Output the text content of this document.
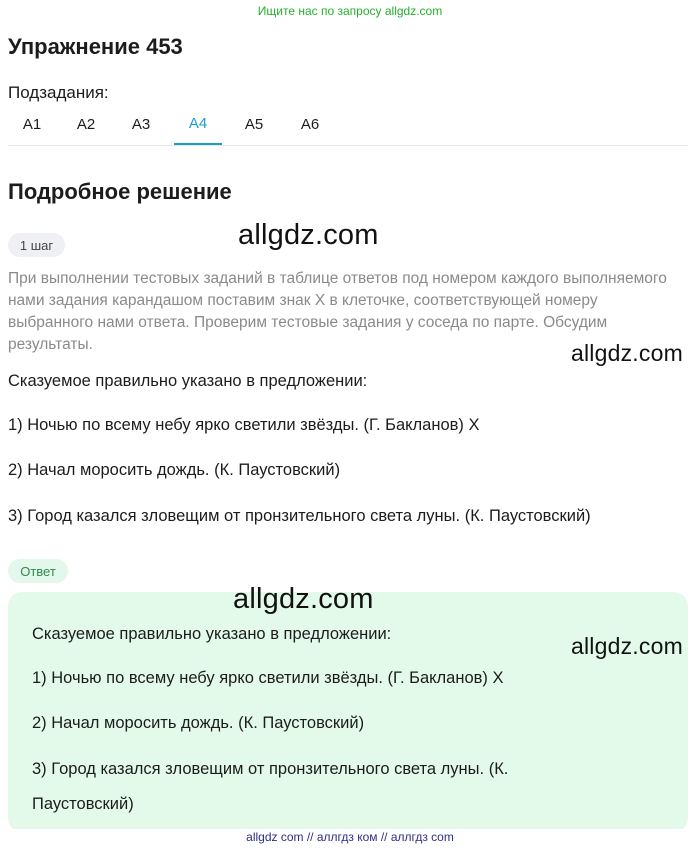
Ищите нас по запросу allgdz.com
Упражнение 453
Подзадания:
A1	A2	A3	A4	A5	A6
Подробное решение
1 шаг	allgdz.com

При выполнении тестовых заданий в таблице ответов под номером каждого выполняемого нами задания карандашом поставим знак X в клеточке, соответствующей номеру выбранного нами ответа. Проверим тестовые задания у соседа по парте. Обсудим результаты.	allgdz.com
Сказуемое правильно указано в предложении:
1) Ночью по всему небу ярко светили звёзды. (Г. Бакланов) X
2) Начал моросить дождь. (К. Паустовский)
3) Город казался зловещим от пронзительного света луны. (К. Паустовский)
Ответ
allgdz.com
Сказуемое правильно указано в предложении:	allgdz.com
1) Ночью по всему небу ярко светили звёзды. (Г. Бакланов) X
2) Начал моросить дождь. (К. Паустовский)
3) Город казался зловещим от пронзительного света луны. (К.
Паустовский)
allgdz com // аллгдз ком // аллгдз com
